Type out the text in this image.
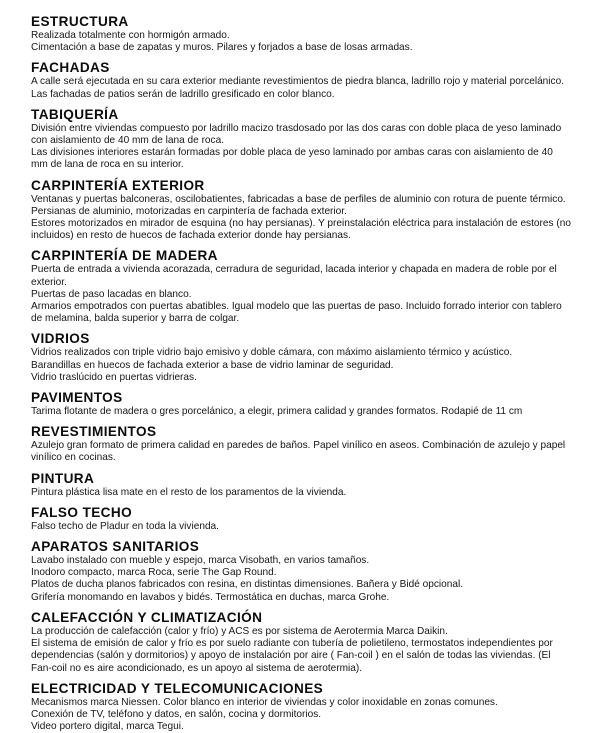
ESTRUCTURA

Realizada totalmente con hormigón armado.

Cimentación a base de zapatas y muros. Pilares y forjados a base de losas armadas.

FACHADAS

A calle será ejecutada en su cara exterior mediante revestimientos de piedra blanca, ladrillo rojo y material porcelánico.

Las fachadas de patios serán de ladrillo gresificado en color blanco.

TABIQUERÍA

División entre viviendas compuesto por ladrillo macizo trasdosado por las dos caras con doble placa de yeso laminado con aislamiento de 40 mm de lana de roca.

Las divisiones interiores estarán formadas por doble placa de yeso laminado por ambas caras con aislamiento de 40 mm de lana de roca en su interior.

CARPINTERÍA EXTERIOR

Ventanas y puertas balconeras, oscilobatientes, fabricadas a base de perfiles de aluminio con rotura de puente térmico.

Persianas de aluminio, motorizadas en carpintería de fachada exterior.

Estores motorizados en mirador de esquina (no hay persianas). Y preinstalación eléctrica para instalación de estores (no incluidos) en resto de huecos de fachada exterior donde hay persianas.

CARPINTERÍA DE MADERA

Puerta de entrada a vivienda acorazada, cerradura de seguridad, lacada interior y chapada en madera de roble por el exterior.

Puertas de paso lacadas en blanco.

Armarios empotrados con puertas abatibles. Igual modelo que las puertas de paso. Incluido forrado interior con tablero de melamina, balda superior y barra de colgar.

VIDRIOS

Vidrios realizados con triple vidrio bajo emisivo y doble cámara, con máximo aislamiento térmico y acústico.

Barandillas en huecos de fachada exterior a base de vidrio laminar de seguridad.

Vidrio traslúcido en puertas vidrieras.

PAVIMENTOS

Tarima flotante de madera o gres porcelánico, a elegir, primera calidad y grandes formatos. Rodapié de 11 cm

REVESTIMIENTOS

Azulejo gran formato de primera calidad en paredes de baños. Papel vinílico en aseos. Combinación de azulejo y papel vinílico en cocinas.

PINTURA

Pintura plástica lisa mate en el resto de los paramentos de la vivienda.

FALSO TECHO

Falso techo de Pladur en toda la vivienda.

APARATOS SANITARIOS

Lavabo instalado con mueble y espejo, marca Visobath, en varios tamaños.

Inodoro compacto, marca Roca, serie The Gap Round.

Platos de ducha planos fabricados con resina, en distintas dimensiones. Bañera y Bidé opcional.

Grifería monomando en lavabos y bidés. Termostática en duchas, marca Grohe.

CALEFACCIÓN Y CLIMATIZACIÓN

La producción de calefacción (calor y frío) y ACS es por sistema de Aerotermia Marca Daikin.

El sistema de emisión de calor y frío es por suelo radiante con tubería de polietileno, termostatos independientes por dependencias (salón y dormitorios) y apoyo de instalación por aire ( Fan-coil ) en el salón de todas las viviendas. (El Fan-coil no es aire acondicionado, es un apoyo al sistema de aerotermia).

ELECTRICIDAD Y TELECOMUNICACIONES

Mecanismos marca Niessen. Color blanco en interior de viviendas y color inoxidable en zonas comunes.

Conexión de TV, teléfono y datos, en salón, cocina y dormitorios.

Video portero digital, marca Tegui.
